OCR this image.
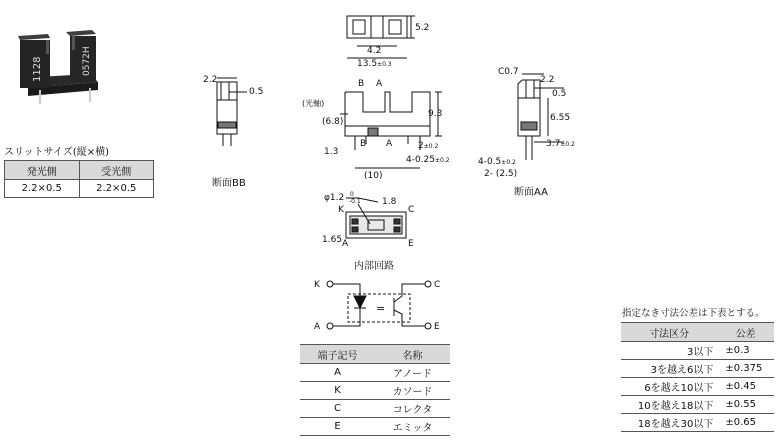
1128	0572H
スリットサイズ(縦×横)
発光側	受光側
2.2×0.5	2.2×0.5
2.2
0.5
断面BB
5.2
4.2
13.5±0.3
B A
(光軸)
(6.8)
9.3
B A
1.3
2±0.2
4-0.25±0.2
(10)
C0.7
2.2
0.5
6.55
3.7±0.2
4-0.5±0.2
2- (2.5)
断面AA
φ1.2 0
-0.1 1.8
K	C
1.65 A	E
内部回路
K
A
C
E
=
端子記号	名称
A	アノード
K	カソード
C	コレクタ
E	エミッタ
指定なき寸法公差は下表とする。
寸法区分	公差
3以下	±0.3
3を越え6以下	±0.375
6を越え10以下	±0.45
10を越え18以下	±0.55
18を越え30以下	±0.65
